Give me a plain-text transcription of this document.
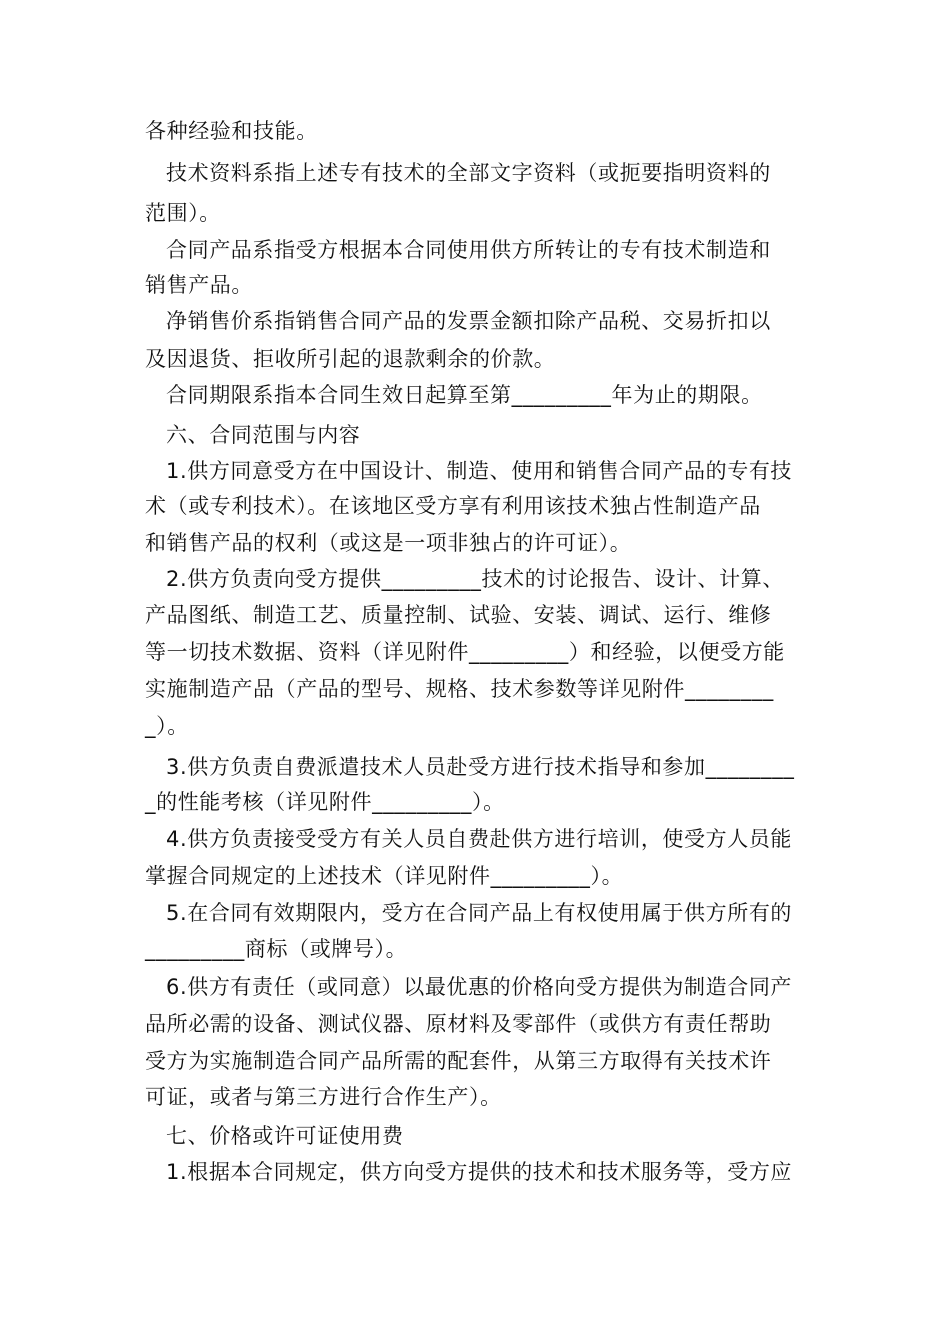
各种经验和技能。
技术资料系指上述专有技术的全部文字资料（或扼要指明资料的
范围）。
合同产品系指受方根据本合同使用供方所转让的专有技术制造和
销售产品。
净销售价系指销售合同产品的发票金额扣除产品税、交易折扣以
及因退货、拒收所引起的退款剩余的价款。
合同期限系指本合同生效日起算至第_________年为止的期限。
六、合同范围与内容
1.供方同意受方在中国设计、制造、使用和销售合同产品的专有技
术（或专利技术）。在该地区受方享有利用该技术独占性制造产品
和销售产品的权利（或这是一项非独占的许可证）。
2.供方负责向受方提供_________技术的讨论报告、设计、计算、
产品图纸、制造工艺、质量控制、试验、安装、调试、运行、维修
等一切技术数据、资料（详见附件_________）和经验，以便受方能
实施制造产品（产品的型号、规格、技术参数等详见附件________
_）。
3.供方负责自费派遣技术人员赴受方进行技术指导和参加________
_的性能考核（详见附件_________）。
4.供方负责接受受方有关人员自费赴供方进行培训，使受方人员能
掌握合同规定的上述技术（详见附件_________）。
5.在合同有效期限内，受方在合同产品上有权使用属于供方所有的
_________商标（或牌号）。
6.供方有责任（或同意）以最优惠的价格向受方提供为制造合同产
品所必需的设备、测试仪器、原材料及零部件（或供方有责任帮助
受方为实施制造合同产品所需的配套件，从第三方取得有关技术许
可证，或者与第三方进行合作生产）。
七、价格或许可证使用费
1.根据本合同规定，供方向受方提供的技术和技术服务等，受方应
